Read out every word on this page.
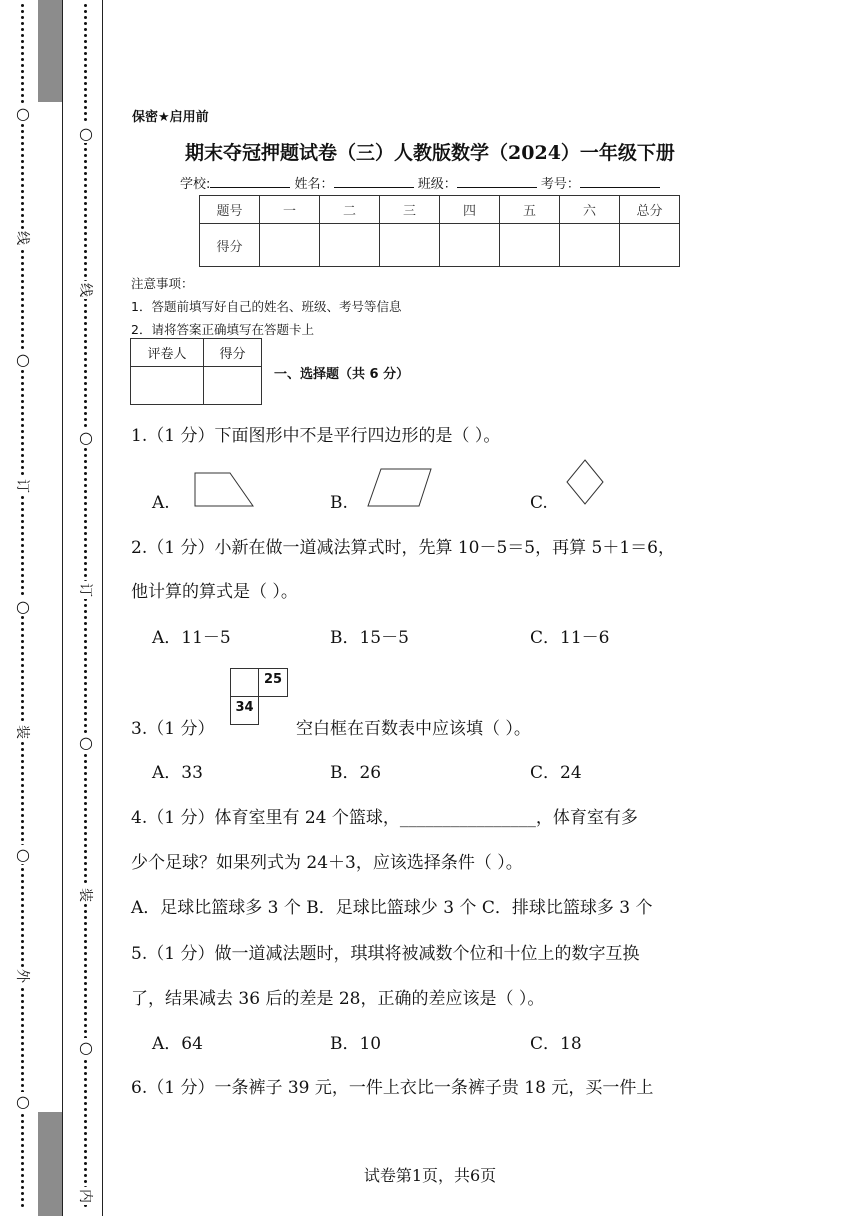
○
线
○
订
○
装
○
外
○
○
线
○
订
○
装
○
内
保密★启用前
期末夺冠押题试卷（三）人教版数学（2024）一年级下册
学校:	姓名：	班级：	考号：
题号	一	二	三	四	五	六	总分
得分							
注意事项：
1．答题前填写好自己的姓名、班级、考号等信息
2．请将答案正确填写在答题卡上
评卷人	得分

一、选择题（共 6 分）
1.（1 分）下面图形中不是平行四边形的是（ ）。
A.	B.	C.
2.（1 分）小新在做一道减法算式时，先算 10－5＝5，再算 5＋1＝6，
他计算的算式是（ ）。
A．11－5	B．15－5	C．11－6
3.（1 分）
25
34
空白框在百数表中应该填（ ）。
A．33	B．26	C．24
4.（1 分）体育室里有 24 个篮球，________________，体育室有多
少个足球？如果列式为 24＋3，应该选择条件（ ）。
A．足球比篮球多 3 个 B．足球比篮球少 3 个 C．排球比篮球多 3 个
5.（1 分）做一道减法题时，琪琪将被减数个位和十位上的数字互换
了，结果减去 36 后的差是 28，正确的差应该是（ ）。
A．64	B．10	C．18
6.（1 分）一条裤子 39 元，一件上衣比一条裤子贵 18 元，买一件上
试卷第1页，共6页
